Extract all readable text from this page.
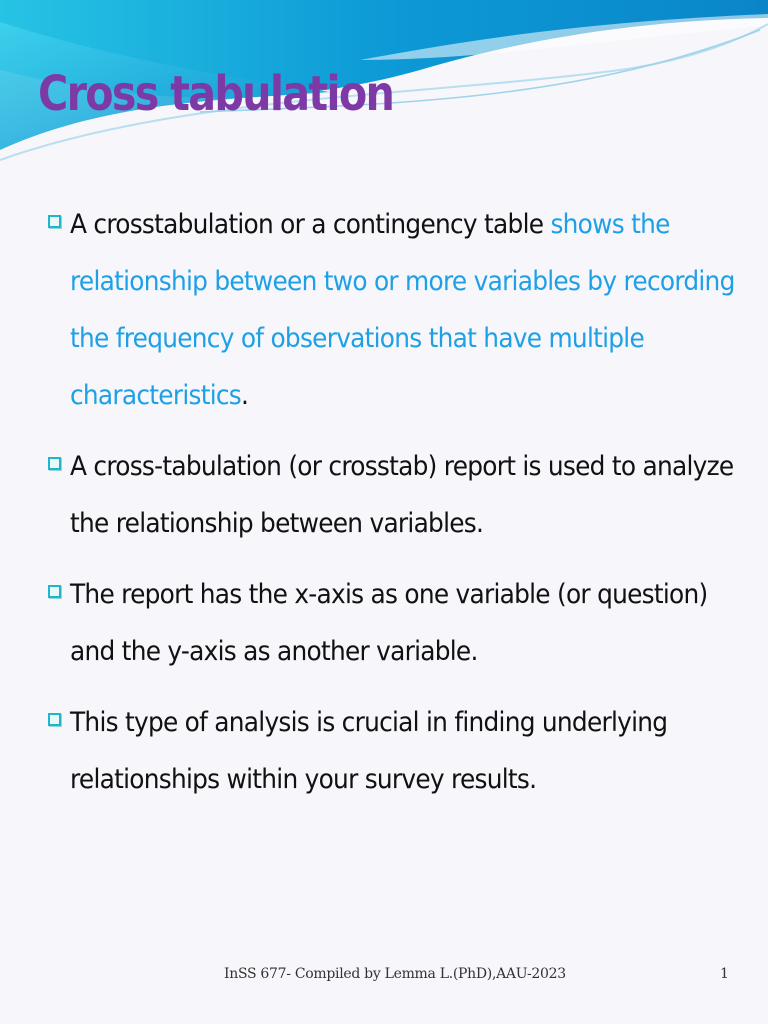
Cross tabulation
A crosstabulation or a contingency table shows the relationship between two or more variables by recording the frequency of observations that have multiple characteristics.
A cross-tabulation (or crosstab) report is used to analyze the relationship between variables.
The report has the x-axis as one variable (or question) and the y-axis as another variable.
This type of analysis is crucial in finding underlying relationships within your survey results.
InSS 677- Compiled by Lemma L.(PhD),AAU-2023	1
